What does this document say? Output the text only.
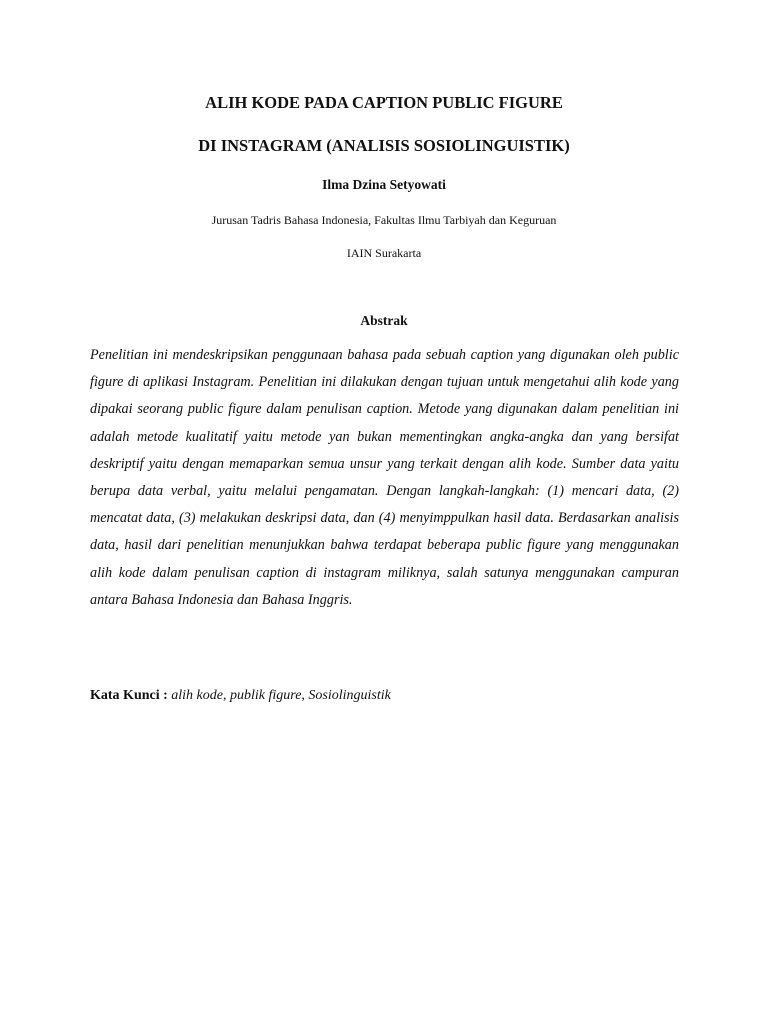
ALIH KODE PADA CAPTION PUBLIC FIGURE
DI INSTAGRAM (ANALISIS SOSIOLINGUISTIK)
Ilma Dzina Setyowati
Jurusan Tadris Bahasa Indonesia, Fakultas Ilmu Tarbiyah dan Keguruan
IAIN Surakarta
Abstrak

Penelitian ini mendeskripsikan penggunaan bahasa pada sebuah caption yang digunakan oleh public figure di aplikasi Instagram. Penelitian ini dilakukan dengan tujuan untuk mengetahui alih kode yang dipakai seorang public figure dalam penulisan caption. Metode yang digunakan dalam penelitian ini adalah metode kualitatif yaitu metode yan bukan mementingkan angka-angka dan yang bersifat deskriptif yaitu dengan memaparkan semua unsur yang terkait dengan alih kode. Sumber data yaitu berupa data verbal, yaitu melalui pengamatan. Dengan langkah-langkah: (1) mencari data, (2) mencatat data, (3) melakukan deskripsi data, dan (4) menyimppulkan hasil data. Berdasarkan analisis data, hasil dari penelitian menunjukkan bahwa terdapat beberapa public figure yang menggunakan alih kode dalam penulisan caption di instagram miliknya, salah satunya menggunakan campuran antara Bahasa Indonesia dan Bahasa Inggris.

Kata Kunci : alih kode, publik figure, Sosiolinguistik
